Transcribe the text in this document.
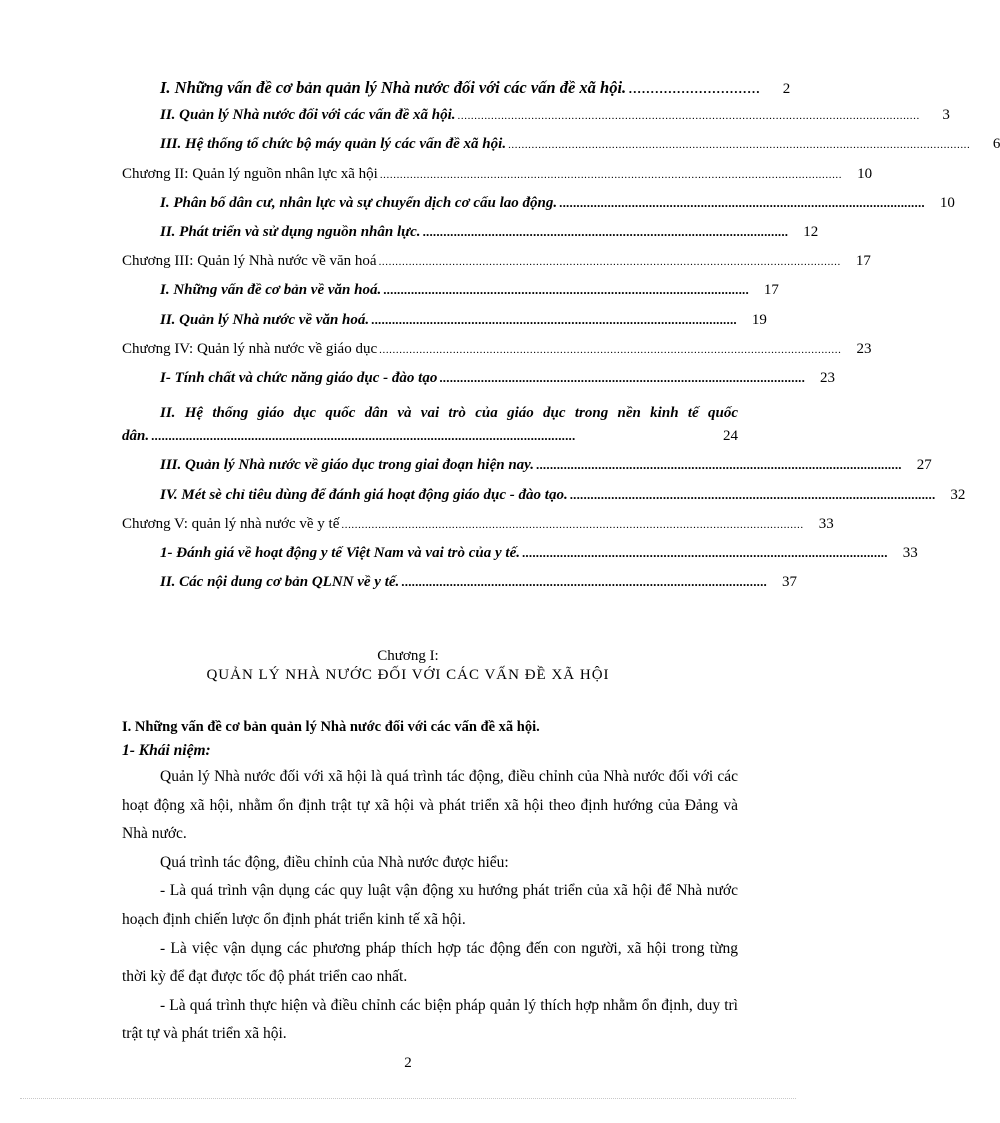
I. Những vấn đề cơ bản quản lý Nhà nước đối với các vấn đề xã hội. …………………………	2
II. Quản lý Nhà nước đối với các vấn đề xã hội. ..........................................................................................................................................	3
III. Hệ thống tổ chức bộ máy quản lý các vấn đề xã hội. ..........................................................................................................................................	6
Chương II: Quản lý nguồn nhân lực xã hội ..........................................................................................................................................	10
I. Phân bố dân cư, nhân lực và sự chuyển dịch cơ cấu lao động. ..........................................................................................................	10
II. Phát triển và sử dụng nguồn nhân lực. ..........................................................................................................	12
Chương III: Quản lý Nhà nước về văn hoá ..........................................................................................................................................	17
I. Những vấn đề cơ bản về văn hoá. ..........................................................................................................	17
II. Quản lý Nhà nước về văn hoá. ..........................................................................................................	19
Chương IV: Quản lý nhà nước về giáo dục ..........................................................................................................................................	23
I- Tính chất và chức năng giáo dục - đào tạo ..........................................................................................................	23
II. Hệ thống giáo dục quốc dân và vai trò của giáo dục trong nền kinh tế quốc
dân. ...........................................................................................................................	24
III. Quản lý Nhà nước về giáo dục trong giai đoạn hiện nay. ..........................................................................................................	27
IV. Mét sè chỉ tiêu dùng để đánh giá hoạt động giáo dục - đào tạo. ..........................................................................................................	32
Chương V: quản lý nhà nước về y tế ..........................................................................................................................................	33
1- Đánh giá về hoạt động y tế Việt Nam và vai trò của y tế. ..........................................................................................................	33
II. Các nội dung cơ bản QLNN về y tế. ..........................................................................................................	37
Chương I:
QUẢN LÝ NHÀ NƯỚC ĐỐI VỚI CÁC VẤN ĐỀ XÃ HỘI
I. Những vấn đề cơ bản quản lý Nhà nước đối với các vấn đề xã hội.
1- Khái niệm:

Quản lý Nhà nước đối với xã hội là quá trình tác động, điều chỉnh của Nhà nước đối với các hoạt động xã hội, nhằm ổn định trật tự xã hội và phát triển xã hội theo định hướng của Đảng và Nhà nước.

Quá trình tác động, điều chỉnh của Nhà nước được hiểu:

- Là quá trình vận dụng các quy luật vận động xu hướng phát triển của xã hội để Nhà nước hoạch định chiến lược ổn định phát triển kinh tế xã hội.

- Là việc vận dụng các phương pháp thích hợp tác động đến con người, xã hội trong từng thời kỳ để đạt được tốc độ phát triển cao nhất.

- Là quá trình thực hiện và điều chỉnh các biện pháp quản lý thích hợp nhằm ổn định, duy trì trật tự và phát triển xã hội.

2
